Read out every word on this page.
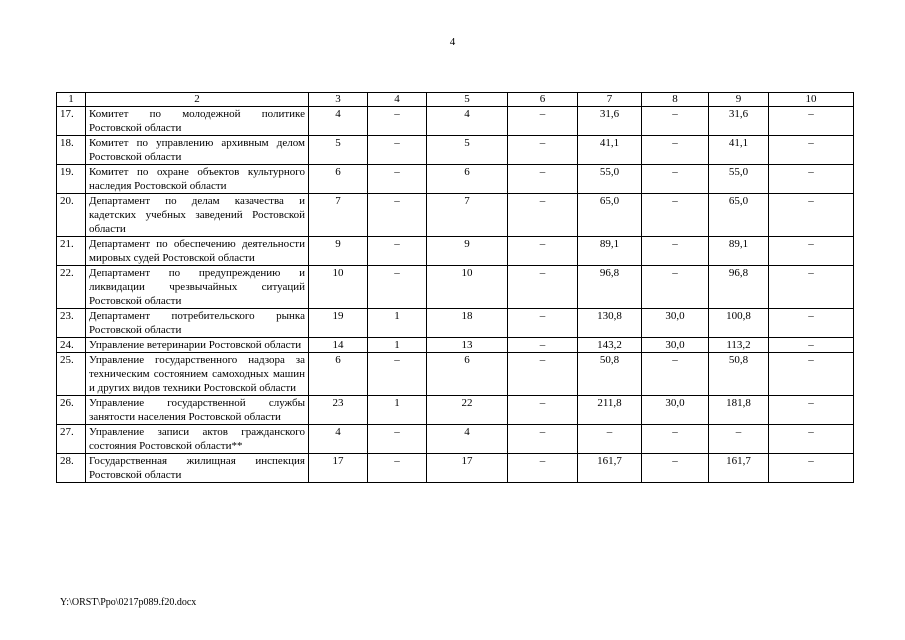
4
1	2	3	4	5	6	7	8	9	10
17.	Комитет по молодежной политике Ростовской области	4	–	4	–	31,6	–	31,6	–
18.	Комитет по управлению архивным делом Ростовской области	5	–	5	–	41,1	–	41,1	–
19.	Комитет по охране объектов культурного наследия Ростовской области	6	–	6	–	55,0	–	55,0	–
20.	Департамент по делам казачества и кадетских учебных заведений Ростовской области	7	–	7	–	65,0	–	65,0	–
21.	Департамент по обеспечению деятельности мировых судей Ростовской области	9	–	9	–	89,1	–	89,1	–
22.	Департамент по предупреждению и ликвидации чрезвычайных ситуаций Ростовской области	10	–	10	–	96,8	–	96,8	–
23.	Департамент потребительского рынка Ростовской области	19	1	18	–	130,8	30,0	100,8	–
24.	Управление ветеринарии Ростовской области	14	1	13	–	143,2	30,0	113,2	–
25.	Управление государственного надзора за техническим состоянием самоходных машин и других видов техники Ростовской области	6	–	6	–	50,8	–	50,8	–
26.	Управление государственной службы занятости населения Ростовской области	23	1	22	–	211,8	30,0	181,8	–
27.	Управление записи актов гражданского состояния Ростовской области**	4	–	4	–	–	–	–	–
28.	Государственная жилищная инспекция Ростовской области	17	–	17	–	161,7	–	161,7	–
Y:\ORST\Ppo\0217p089.f20.docx
